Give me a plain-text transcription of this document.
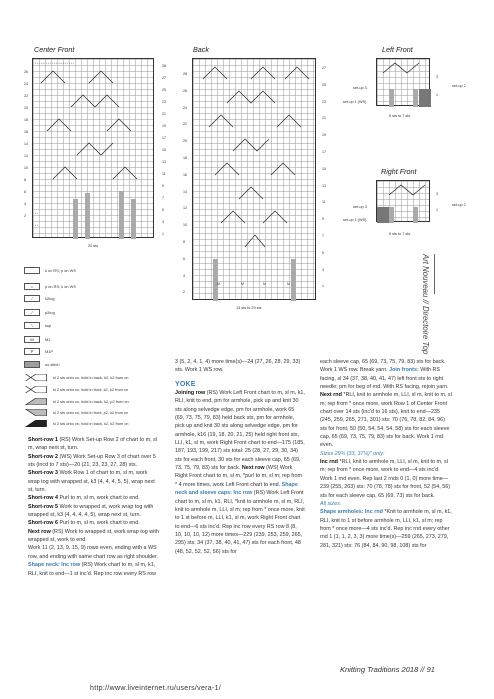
Center Front
• • • • • • • • • • • • • • • • • • • • •
• •
• •
28
27
25
23
21
19
17
15
13
11
9
7
5
3
1
26
24
22
20
18
16
14
12
10
8
6
4
2
20 sts
Back
M	M	M	M
27
25
23
21
19
17
15
13
11
9
7
5
3
1
28
26
24
22
20
18
16
14
12
10
8
6
4
2
13 sts to 29 sts
Left Front
3
1
set-up 2
set-up 3
set-up 1 (WS)
5 sts to 7 sts
Right Front
3
1
set-up 2
set-up 3
set-up 1 (WS)
5 sts to 7 sts
k on RS; p on WS
•	p on RS; k on WS
⟋	k2tog
⟋	p2tog
⟍	ssp
M	M1
P	M1P
no stitch
sl 2 sts onto cn, hold in back, k2, k2 from cn
sl 2 sts onto cn, hold in front, k2, k2 from cn
sl 2 sts onto cn, hold in back, k2, p2 from cn
sl 2 sts onto cn, hold in front, p2, k2 from cn
sl 2 sts onto cn, hold in back, k2, k2 from cn

Short-row 1 (RS) Work Set-up Row 2 of chart to m, sl m, wrap next st, turn.

Short-row 2 (WS) Work Set-up Row 3 of chart over 5 sts (incd to 7 sts)—20 (21, 23, 23, 27, 28) sts.

Short-row 3 Work Row 1 of chart to m, sl m, work wrap tog with wrapped st, k3 (4, 4, 4, 5, 5), wrap next st, turn.

Short-row 4 Purl to m, sl m, work chart to end.

Short-row 5 Work to wrapped st, work wrap tog with wrapped st, k3 (4, 4, 4, 4, 5), wrap next st, turn.

Short-row 6 Purl to m, sl m, work chart to end.

Next row (RS) Work to wrapped st, work wrap tog with wrapped st, work to end.

Work 11 (2, 13, 9, 15, 9) rows even, ending with a WS row, and ending with same chart row as right shoulder. Shape neck: Inc row (RS) Work chart to m, sl m, k1, RLI, knit to end—1 st inc'd. Rep inc row every RS row

3 (5, 2, 4, 1, 4) more time(s)—24 (27, 26, 28, 29, 33) sts. Work 1 WS row.

YOKE

Joining row (RS) Work Left Front chart to m, sl m, k1, RLI, knit to end, pm for armhole, pick up and knit 30 sts along selvedge edge, pm for armhole, work 65 (69, 73, 75, 79, 83) held back sts, pm for armhole, pick up and knit 30 sts along selvedge edge, pm for armhole, k16 (19, 18, 20, 21, 25) held right front sts, LLI, k1, sl m, work Right Front chart to end—175 (185, 187, 193, 199, 217) sts total: 25 (28, 27, 29, 30, 34) sts for each front, 30 sts for each sleeve cap, 65 (69, 73, 75, 79, 83) sts for back. Next row (WS) Work Right Front chart to m, sl m, *purl to m, sl m; rep from * 4 more times, work Left Front chart to end. Shape neck and sleeve caps: Inc row (RS) Work Left Front chart to m, sl m, k1, RLI, *knit to armhole m, sl m, RLI, knit to armhole m, LLI, sl m; rep from * once more, knit to 1 st before m, LLI, k1, sl m, work Right Front chart to end—6 sts inc'd. Rep inc row every RS row 8 (8, 10, 10, 10, 12) more times—229 (239, 253, 259, 265, 295) sts: 34 (37, 38, 40, 41, 47) sts for each front, 48 (48, 52, 52, 52, 56) sts for

each sleeve cap, 65 (69, 73, 75, 79, 83) sts for back. Work 1 WS row. Break yarn. Join fronts: With RS facing, sl 34 (37, 38, 40, 41, 47) left front sts to right needle; pm for beg of rnd. With RS facing, rejoin yarn. Next rnd *RLI, knit to armhole m, LLI, sl m, knit to m, sl m; rep from * once more, work Row 1 of Center Front chart over 14 sts (inc'd to 16 sts), knit to end—235 (245, 259, 265, 271, 301) sts: 70 (76, 78, 82, 84, 96) sts for front, 50 (50, 54, 54, 54, 58) sts for each sleeve cap, 65 (69, 73, 75, 79, 83) sts for back. Work 1 rnd even.

Sizes 29¾ (33, 37¼)" only:

Inc rnd *RLI, knit to armhole m, LLI, sl m, knit to m, sl m; rep from * once more, work to end—4 sts inc'd. Work 1 rnd even. Rep last 2 rnds 0 (1, 0) more time—239 (255, 263) sts: 70 (78, 78) sts for front, 52 (54, 56) sts for each sleeve cap, 65 (69, 73) sts for back.

All sizes:

Shape armholes: Inc rnd *Knit to armhole m, sl m, k1, RLI, knit to 1 st before armhole m, LLI, k1, sl m; rep from * once more—4 sts inc'd. Rep inc rnd every other rnd 1 (1, 1, 2, 3, 3) more time(s)—259 (265, 273, 279, 281, 321) sts: 76 (84, 84, 90, 98, 108) sts for

Art Nouveau // Directoire Top
Knitting Traditions 2018 // 91
http://www.liveinternet.ru/users/vera-1/
